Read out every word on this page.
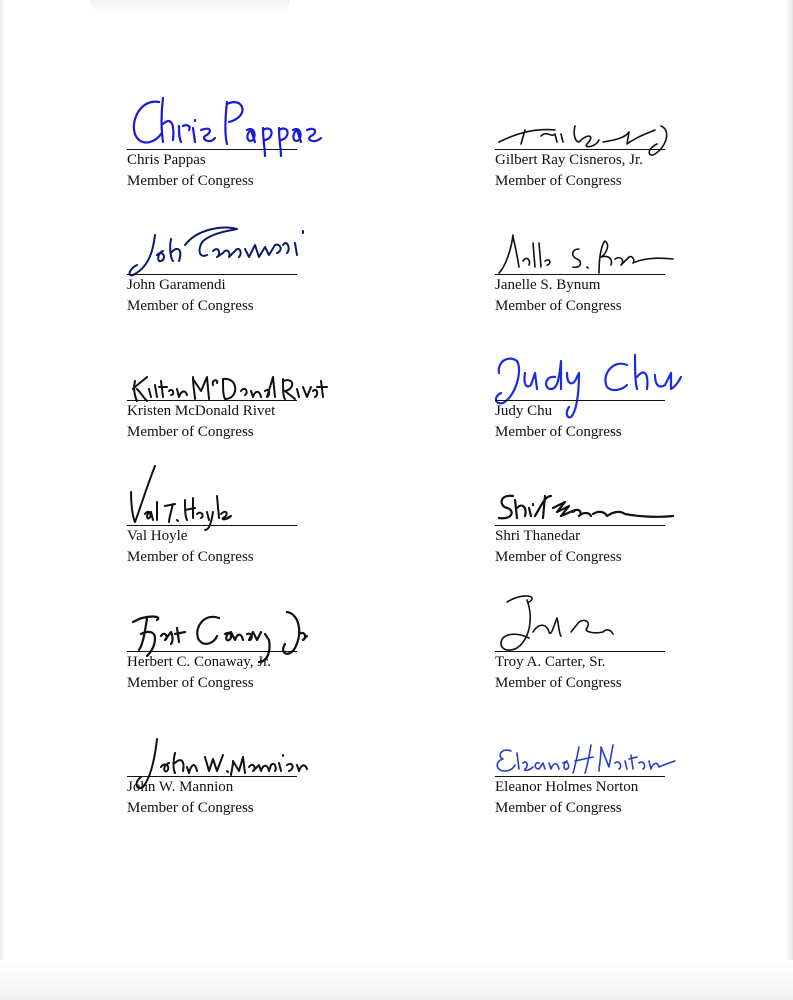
Chris Pappas
Member of Congress
Gilbert Ray Cisneros, Jr.
Member of Congress
John Garamendi
Member of Congress
Janelle S. Bynum
Member of Congress
Kristen McDonald Rivet
Member of Congress
Judy Chu
Member of Congress
Val Hoyle
Member of Congress
Shri Thanedar
Member of Congress
Herbert C. Conaway, Jr.
Member of Congress
Troy A. Carter, Sr.
Member of Congress
John W. Mannion
Member of Congress
Eleanor Holmes Norton
Member of Congress
